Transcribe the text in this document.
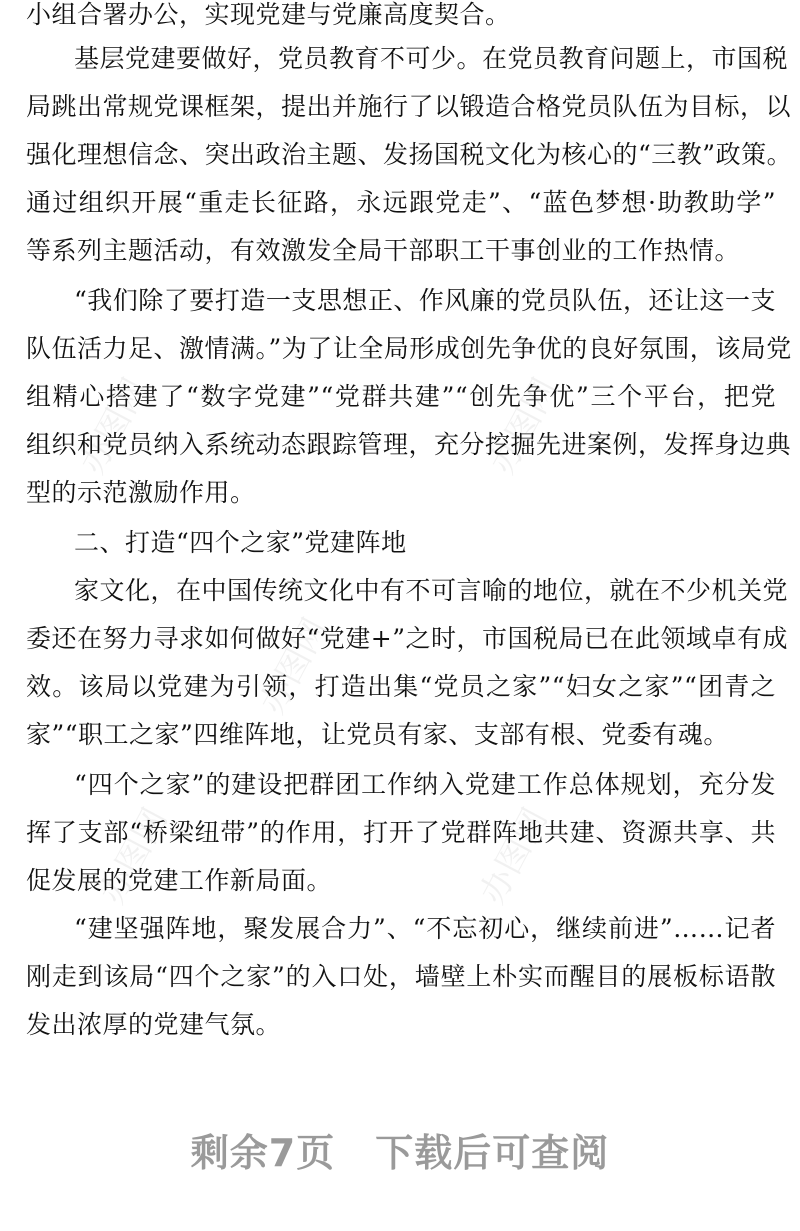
办图网	办图网
办图网
办图网	办图网
小组合署办公，实现党建与党廉高度契合。
基层党建要做好，党员教育不可少。在党员教育问题上，市国税
局跳出常规党课框架，提出并施行了以锻造合格党员队伍为目标，以
强化理想信念、突出政治主题、发扬国税文化为核心的“三教”政策。
通过组织开展“重走长征路，永远跟党走”、“蓝色梦想·助教助学”
等系列主题活动，有效激发全局干部职工干事创业的工作热情。
“我们除了要打造一支思想正、作风廉的党员队伍，还让这一支
队伍活力足、激情满。”为了让全局形成创先争优的良好氛围，该局党
组精心搭建了“数字党建”“党群共建”“创先争优”三个平台，把党
组织和党员纳入系统动态跟踪管理，充分挖掘先进案例，发挥身边典
型的示范激励作用。
二、打造“四个之家”党建阵地
家文化，在中国传统文化中有不可言喻的地位，就在不少机关党
委还在努力寻求如何做好“党建+”之时，市国税局已在此领域卓有成
效。该局以党建为引领，打造出集“党员之家”“妇女之家”“团青之
家”“职工之家”四维阵地，让党员有家、支部有根、党委有魂。
“四个之家”的建设把群团工作纳入党建工作总体规划，充分发
挥了支部“桥梁纽带”的作用，打开了党群阵地共建、资源共享、共
促发展的党建工作新局面。
“建坚强阵地，聚发展合力”、“不忘初心，继续前进”……记者
刚走到该局“四个之家”的入口处，墙壁上朴实而醒目的展板标语散
发出浓厚的党建气氛。
剩余7页 下载后可查阅
